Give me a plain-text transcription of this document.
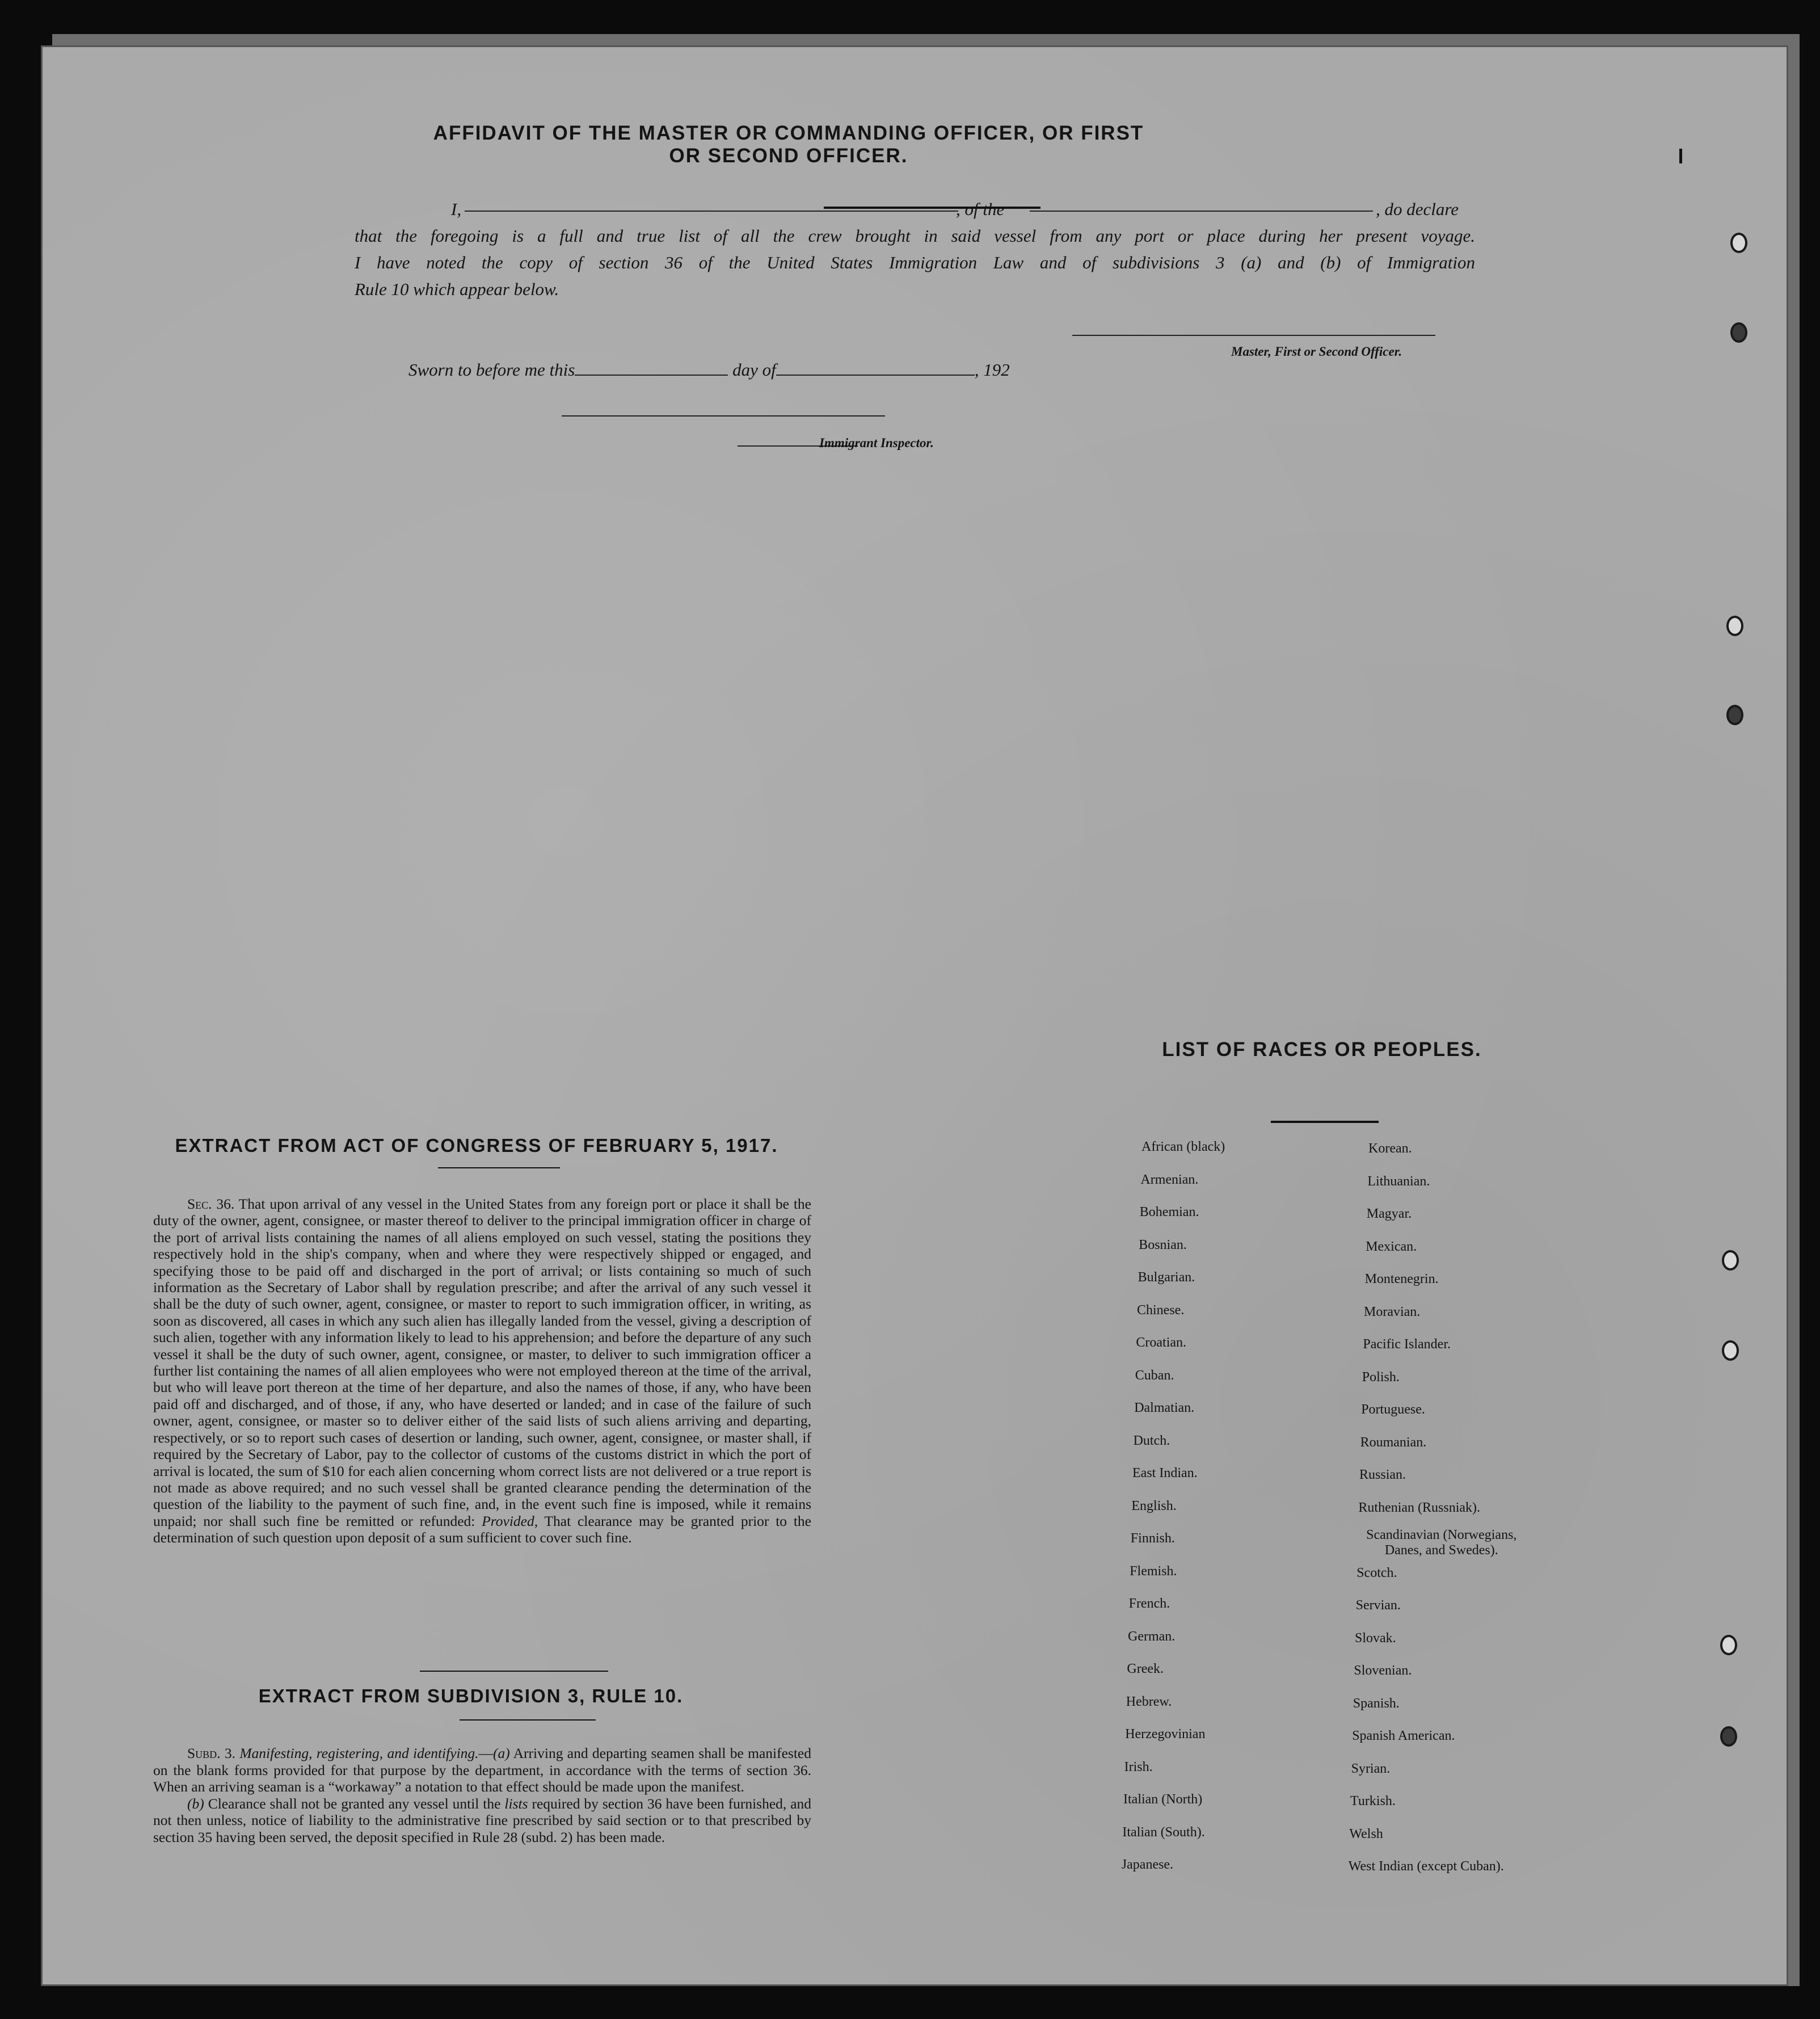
AFFIDAVIT OF THE MASTER OR COMMANDING OFFICER, OR FIRST OR SECOND OFFICER.
I,	, of the	, do declare
that the foregoing is a full and true list of all the crew brought in said vessel from any port or place during her present voyage.
I have noted the copy of section 36 of the United States Immigration Law and of subdivisions 3 (a) and (b) of Immigration
Rule 10 which appear below.
Master, First or Second Officer.
Sworn to before me this	day of	, 192
Immigrant Inspector.
EXTRACT FROM ACT OF CONGRESS OF FEBRUARY 5, 1917.
Sec. 36. That upon arrival of any vessel in the United States from any foreign port or place it shall be the duty of the owner, agent, consignee, or master thereof to deliver to the principal immigration officer in charge of the port of arrival lists containing the names of all aliens employed on such vessel, stating the positions they respectively hold in the ship's company, when and where they were respectively shipped or engaged, and specifying those to be paid off and discharged in the port of arrival; or lists containing so much of such information as the Secretary of Labor shall by regulation prescribe; and after the arrival of any such vessel it shall be the duty of such owner, agent, consignee, or master to report to such immigration officer, in writing, as soon as discovered, all cases in which any such alien has illegally landed from the vessel, giving a description of such alien, together with any information likely to lead to his apprehension; and before the departure of any such vessel it shall be the duty of such owner, agent, consignee, or master, to deliver to such immigration officer a further list containing the names of all alien employees who were not employed thereon at the time of the arrival, but who will leave port thereon at the time of her departure, and also the names of those, if any, who have been paid off and discharged, and of those, if any, who have deserted or landed; and in case of the failure of such owner, agent, consignee, or master so to deliver either of the said lists of such aliens arriving and departing, respectively, or so to report such cases of desertion or landing, such owner, agent, consignee, or master shall, if required by the Secretary of Labor, pay to the collector of customs of the customs district in which the port of arrival is located, the sum of $10 for each alien concerning whom correct lists are not delivered or a true report is not made as above required; and no such vessel shall be granted clearance pending the determination of the question of the liability to the payment of such fine, and, in the event such fine is imposed, while it remains unpaid; nor shall such fine be remitted or refunded: Provided, That clearance may be granted prior to the determination of such question upon deposit of a sum sufficient to cover such fine.
EXTRACT FROM SUBDIVISION 3, RULE 10.

Subd. 3. Manifesting, registering, and identifying.—(a) Arriving and departing seamen shall be manifested on the blank forms provided for that purpose by the department, in accordance with the terms of section 36. When an arriving seaman is a “workaway” a notation to that effect should be made upon the manifest.

(b) Clearance shall not be granted any vessel until the lists required by section 36 have been furnished, and not then unless, notice of liability to the administrative fine prescribed by said section or to that prescribed by section 35 having been served, the deposit specified in Rule 28 (subd. 2) has been made.

LIST OF RACES OR PEOPLES.
African (black)
Armenian.
Bohemian.
Bosnian.
Bulgarian.
Chinese.
Croatian.
Cuban.
Dalmatian.
Dutch.
East Indian.
English.
Finnish.
Flemish.
French.
German.
Greek.
Hebrew.
Herzegovinian
Irish.
Italian (North)
Italian (South).
Japanese.
Korean.
Lithuanian.
Magyar.
Mexican.
Montenegrin.
Moravian.
Pacific Islander.
Polish.
Portuguese.
Roumanian.
Russian.
Ruthenian (Russniak).
Scandinavian (Norwegians, Danes, and Swedes).
Scotch.
Servian.
Slovak.
Slovenian.
Spanish.
Spanish American.
Syrian.
Turkish.
Welsh
West Indian (except Cuban).
